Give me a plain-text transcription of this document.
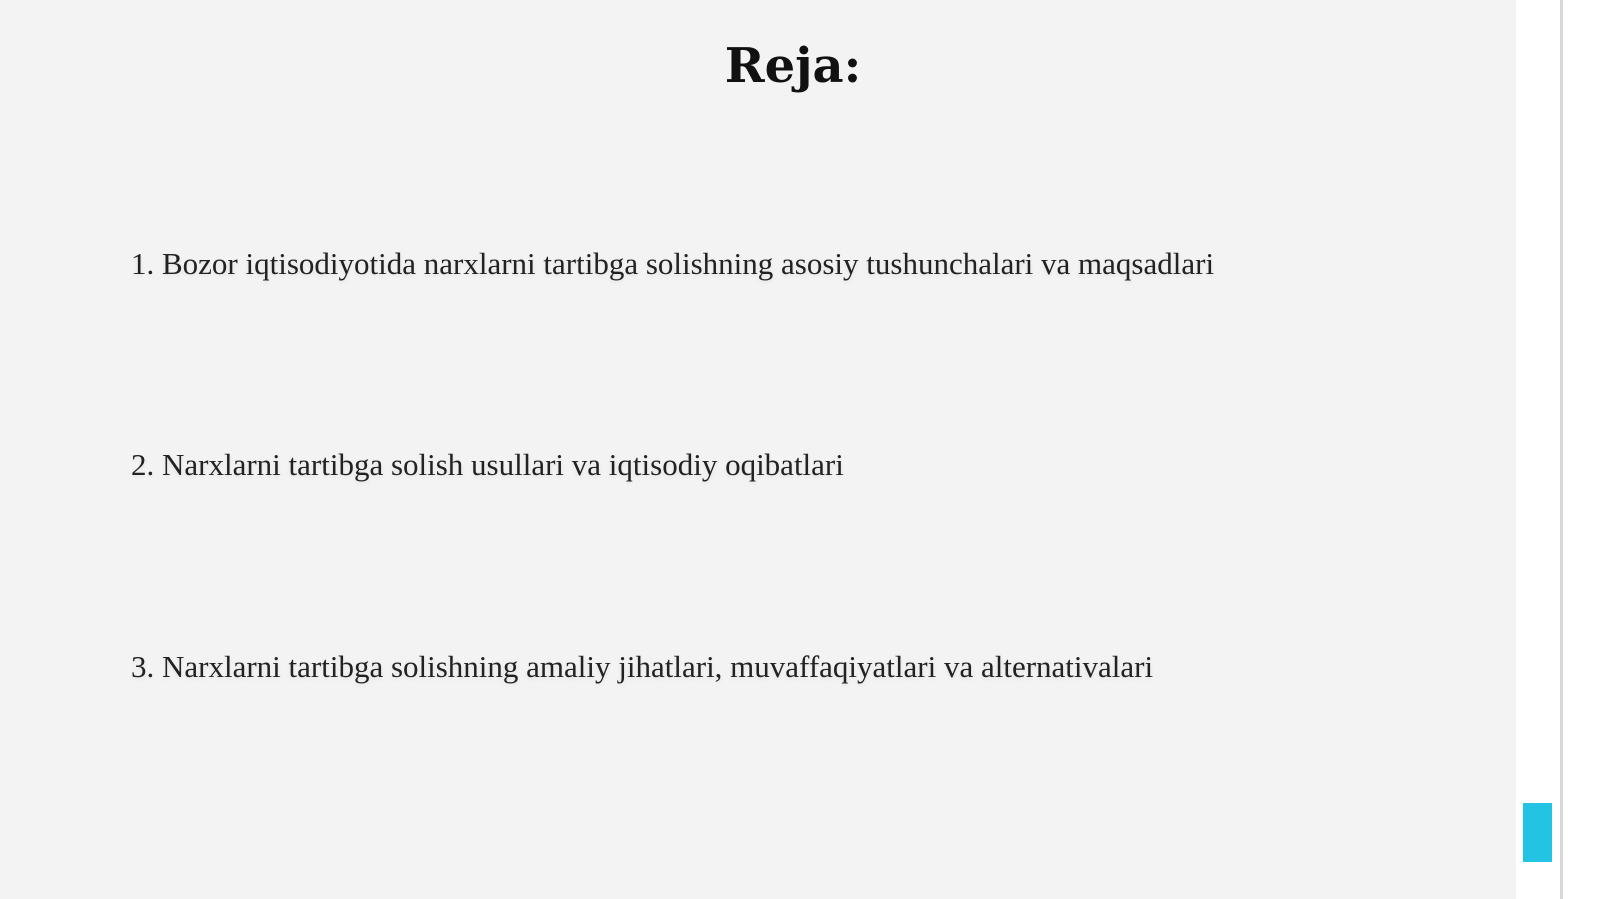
Reja:
1. Bozor iqtisodiyotida narxlarni tartibga solishning asosiy tushunchalari va maqsadlari
2. Narxlarni tartibga solish usullari va iqtisodiy oqibatlari
3. Narxlarni tartibga solishning amaliy jihatlari, muvaffaqiyatlari va alternativalari
